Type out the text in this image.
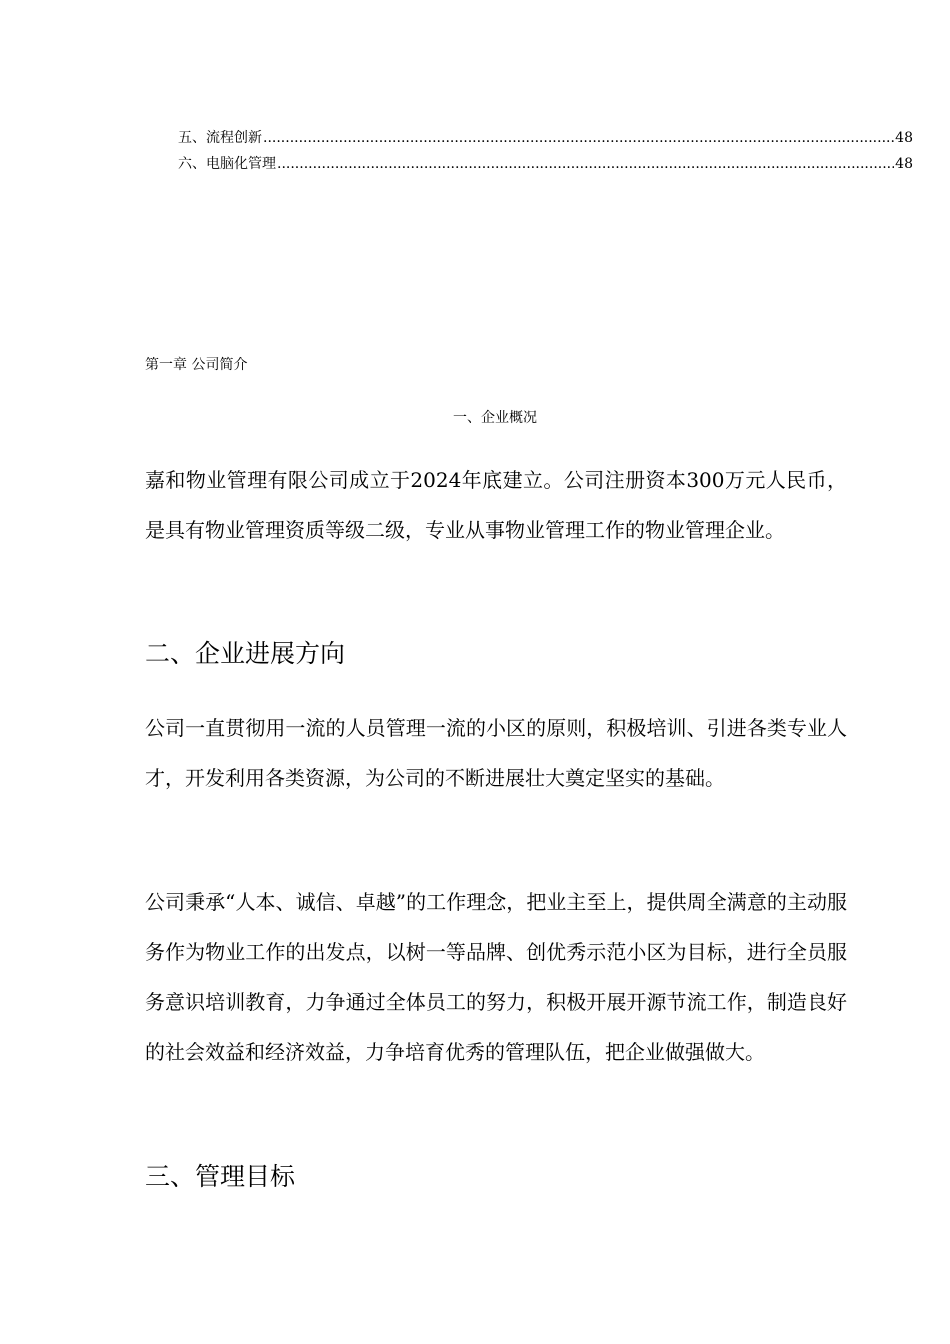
五、流程创新 .....	48
六、电脑化管理 .....	48
第一章 公司简介
一、企业概况

嘉和物业管理有限公司成立于2024年底建立。公司注册资本300万元人民币，是具有物业管理资质等级二级，专业从事物业管理工作的物业管理企业。

二、企业进展方向

公司一直贯彻用一流的人员管理一流的小区的原则，积极培训、引进各类专业人才，开发利用各类资源，为公司的不断进展壮大奠定坚实的基础。

公司秉承“人本、诚信、卓越”的工作理念，把业主至上，提供周全满意的主动服务作为物业工作的出发点，以树一等品牌、创优秀示范小区为目标，进行全员服务意识培训教育，力争通过全体员工的努力，积极开展开源节流工作，制造良好的社会效益和经济效益，力争培育优秀的管理队伍，把企业做强做大。

三、管理目标
